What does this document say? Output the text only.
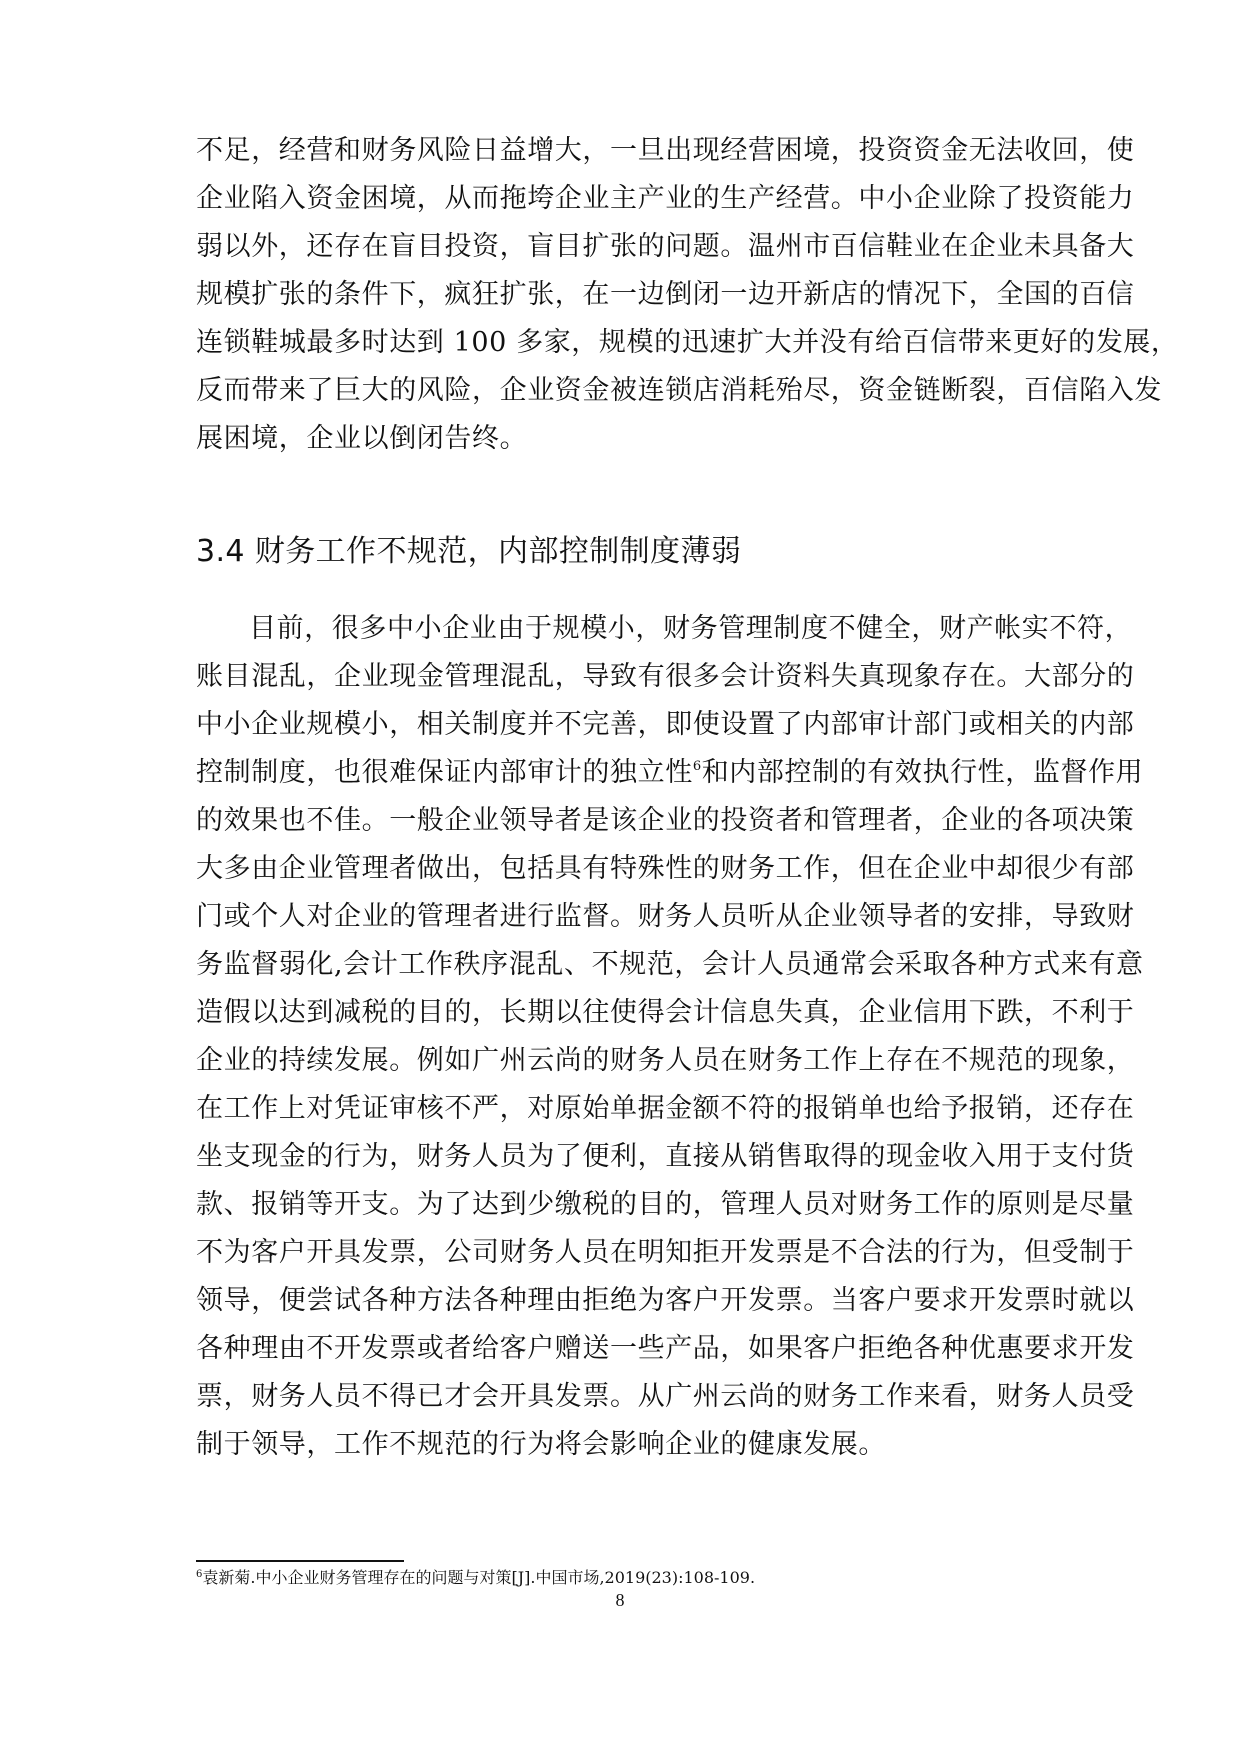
不足，经营和财务风险日益增大，一旦出现经营困境，投资资金无法收回，使
企业陷入资金困境，从而拖垮企业主产业的生产经营。中小企业除了投资能力
弱以外，还存在盲目投资，盲目扩张的问题。温州市百信鞋业在企业未具备大
规模扩张的条件下，疯狂扩张，在一边倒闭一边开新店的情况下，全国的百信
连锁鞋城最多时达到 100 多家，规模的迅速扩大并没有给百信带来更好的发展，
反而带来了巨大的风险，企业资金被连锁店消耗殆尽，资金链断裂，百信陷入发
展困境，企业以倒闭告终。
3.4 财务工作不规范，内部控制制度薄弱
目前，很多中小企业由于规模小，财务管理制度不健全，财产帐实不符，
账目混乱，企业现金管理混乱，导致有很多会计资料失真现象存在。大部分的
中小企业规模小，相关制度并不完善，即使设置了内部审计部门或相关的内部
控制制度，也很难保证内部审计的独立性$^6$和内部控制的有效执行性，监督作用
的效果也不佳。一般企业领导者是该企业的投资者和管理者，企业的各项决策
大多由企业管理者做出，包括具有特殊性的财务工作，但在企业中却很少有部
门或个人对企业的管理者进行监督。财务人员听从企业领导者的安排，导致财
务监督弱化,会计工作秩序混乱、不规范，会计人员通常会采取各种方式来有意
造假以达到减税的目的，长期以往使得会计信息失真，企业信用下跌，不利于
企业的持续发展。例如广州云尚的财务人员在财务工作上存在不规范的现象，
在工作上对凭证审核不严，对原始单据金额不符的报销单也给予报销，还存在
坐支现金的行为，财务人员为了便利，直接从销售取得的现金收入用于支付货
款、报销等开支。为了达到少缴税的目的，管理人员对财务工作的原则是尽量
不为客户开具发票，公司财务人员在明知拒开发票是不合法的行为，但受制于
领导，便尝试各种方法各种理由拒绝为客户开发票。当客户要求开发票时就以
各种理由不开发票或者给客户赠送一些产品，如果客户拒绝各种优惠要求开发
票，财务人员不得已才会开具发票。从广州云尚的财务工作来看，财务人员受
制于领导，工作不规范的行为将会影响企业的健康发展。
$^6$袁新菊.中小企业财务管理存在的问题与对策[J].中国市场,2019(23):108-109.
8
